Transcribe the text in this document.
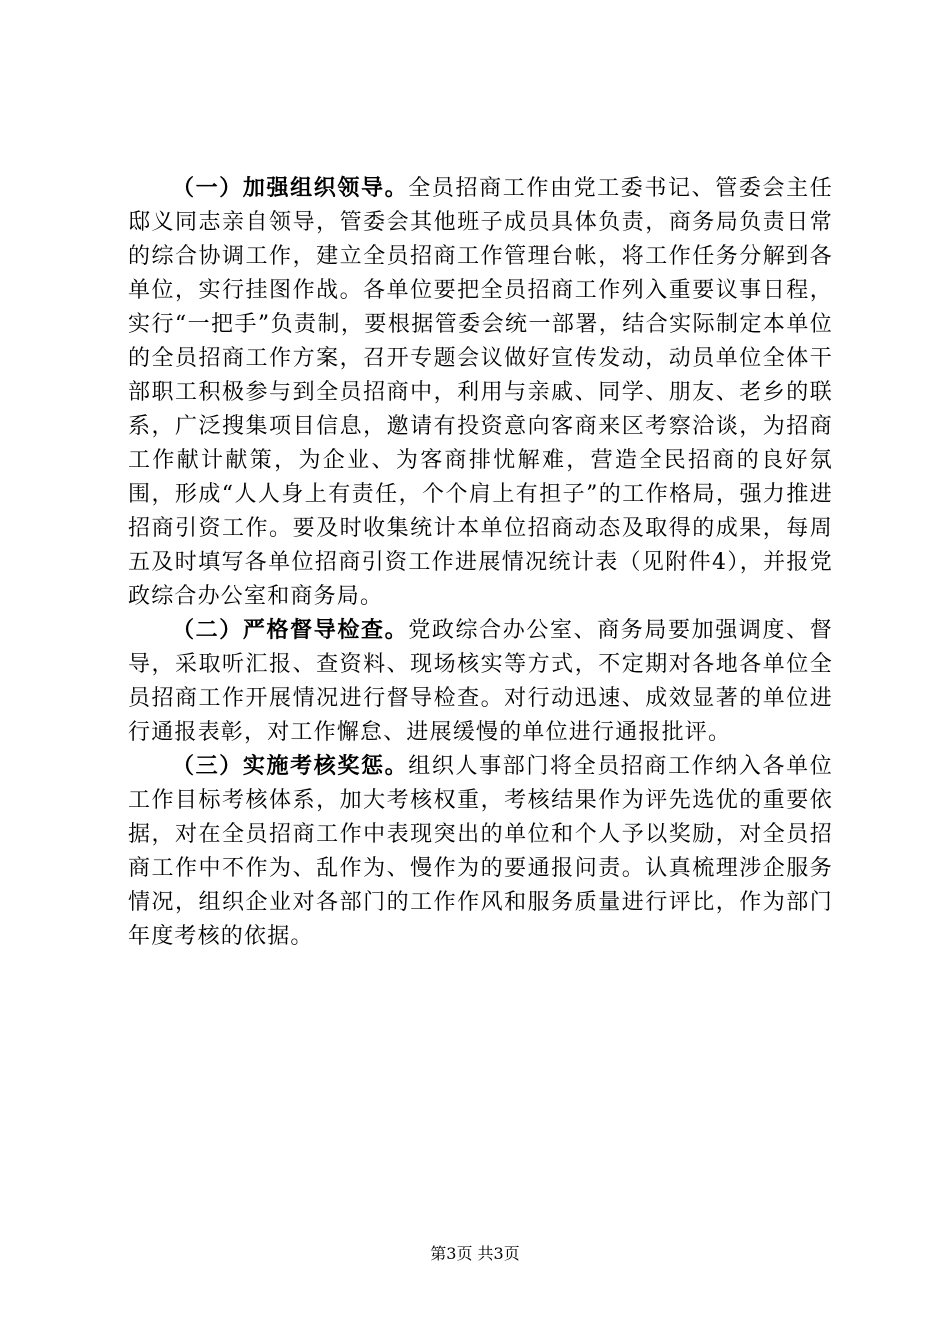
（一）加强组织领导。全员招商工作由党工委书记、管委会主任邸义同志亲自领导，管委会其他班子成员具体负责，商务局负责日常的综合协调工作，建立全员招商工作管理台帐，将工作任务分解到各单位，实行挂图作战。各单位要把全员招商工作列入重要议事日程，实行“一把手”负责制，要根据管委会统一部署，结合实际制定本单位的全员招商工作方案，召开专题会议做好宣传发动，动员单位全体干部职工积极参与到全员招商中，利用与亲戚、同学、朋友、老乡的联系，广泛搜集项目信息，邀请有投资意向客商来区考察洽谈，为招商工作献计献策，为企业、为客商排忧解难，营造全民招商的良好氛围，形成“人人身上有责任，个个肩上有担子”的工作格局，强力推进招商引资工作。要及时收集统计本单位招商动态及取得的成果，每周五及时填写各单位招商引资工作进展情况统计表（见附件4），并报党政综合办公室和商务局。

（二）严格督导检查。党政综合办公室、商务局要加强调度、督导，采取听汇报、查资料、现场核实等方式，不定期对各地各单位全员招商工作开展情况进行督导检查。对行动迅速、成效显著的单位进行通报表彰，对工作懈怠、进展缓慢的单位进行通报批评。

（三）实施考核奖惩。组织人事部门将全员招商工作纳入各单位工作目标考核体系，加大考核权重，考核结果作为评先选优的重要依据，对在全员招商工作中表现突出的单位和个人予以奖励，对全员招商工作中不作为、乱作为、慢作为的要通报问责。认真梳理涉企服务情况，组织企业对各部门的工作作风和服务质量进行评比，作为部门年度考核的依据。

第3页 共3页
